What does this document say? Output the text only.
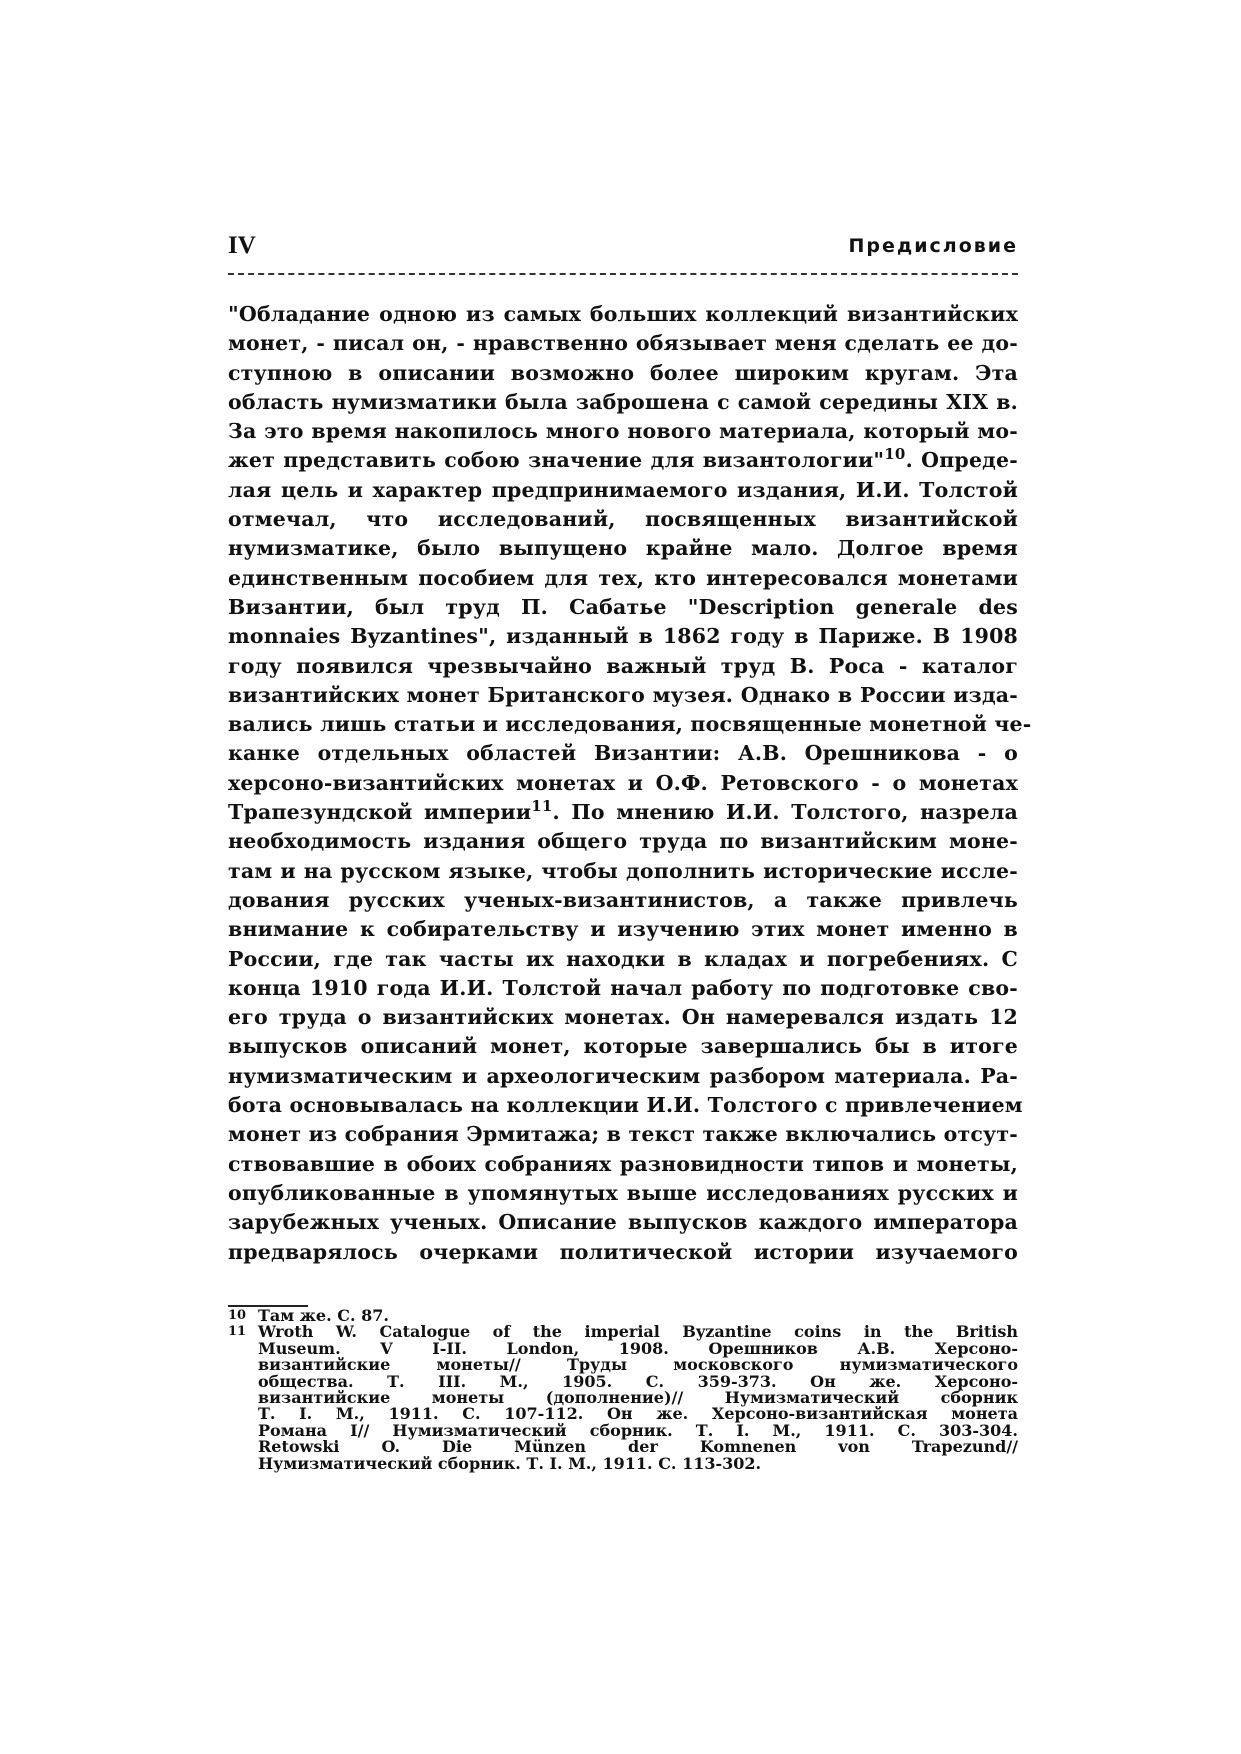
IV	Предисловие
"Обладание одною из самых больших коллекций византийских
монет, - писал он, - нравственно обязывает меня сделать ее до-
ступною в описании возможно более широким кругам. Эта
область нумизматики была заброшена с самой середины XIX в.
За это время накопилось много нового материала, который мо-
жет представить собою значение для византологии"$^{10}$. Опреде-
лая цель и характер предпринимаемого издания, И.И. Толстой
отмечал, что исследований, посвященных византийской
нумизматике, было выпущено крайне мало. Долгое время
единственным пособием для тех, кто интересовался монетами
Византии, был труд П. Сабатье "Description generale des
monnaies Byzantines", изданный в 1862 году в Париже. В 1908
году появился чрезвычайно важный труд В. Роса - каталог
византийских монет Британского музея. Однако в России изда-
вались лишь статьи и исследования, посвященные монетной че-
канке отдельных областей Византии: А.В. Орешникова - о
херсоно-византийских монетах и О.Ф. Ретовского - о монетах
Трапезундской империи$^{11}$. По мнению И.И. Толстого, назрела
необходимость издания общего труда по византийским моне-
там и на русском языке, чтобы дополнить исторические иссле-
дования русских ученых-византинистов, а также привлечь
внимание к собирательству и изучению этих монет именно в
России, где так часты их находки в кладах и погребениях. С
конца 1910 года И.И. Толстой начал работу по подготовке сво-
его труда о византийских монетах. Он намеревался издать 12
выпусков описаний монет, которые завершались бы в итоге
нумизматическим и археологическим разбором материала. Ра-
бота основывалась на коллекции И.И. Толстого с привлечением
монет из собрания Эрмитажа; в текст также включались отсут-
ствовавшие в обоих собраниях разновидности типов и монеты,
опубликованные в упомянутых выше исследованиях русских и
зарубежных ученых. Описание выпусков каждого императора
предварялось очерками политической истории изучаемого
10 Там же. С. 87.
11 Wroth W. Catalogue of the imperial Byzantine coins in the British
Museum. V I-II. London, 1908. Орешников А.В. Херсоно-
византийские монеты// Труды московского нумизматического
общества. Т. III. М., 1905. С. 359-373. Он же. Херсоно-
византийские монеты (дополнение)// Нумизматический сборник
Т. I. М., 1911. С. 107-112. Он же. Херсоно-византийская монета
Романа I// Нумизматический сборник. Т. I. М., 1911. С. 303-304.
Retowski O. Die Münzen der Komnenen von Trapezund//
Нумизматический сборник. Т. I. М., 1911. С. 113-302.
